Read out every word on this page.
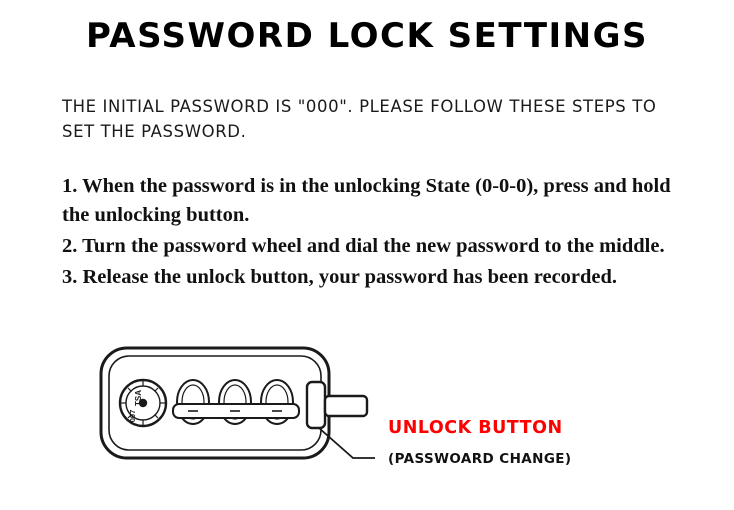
PASSWORD LOCK SETTINGS
THE INITIAL PASSWORD IS "000". PLEASE FOLLOW THESE STEPS TO SET THE PASSWORD.

1. When the password is in the unlocking State (0-0-0), press and hold the unlocking button.

2. Turn the password wheel and dial the new password to the middle.

3. Release the unlock button, your password has been recorded.

TSA
007
UNLOCK BUTTON
(PASSWOARD CHANGE)
